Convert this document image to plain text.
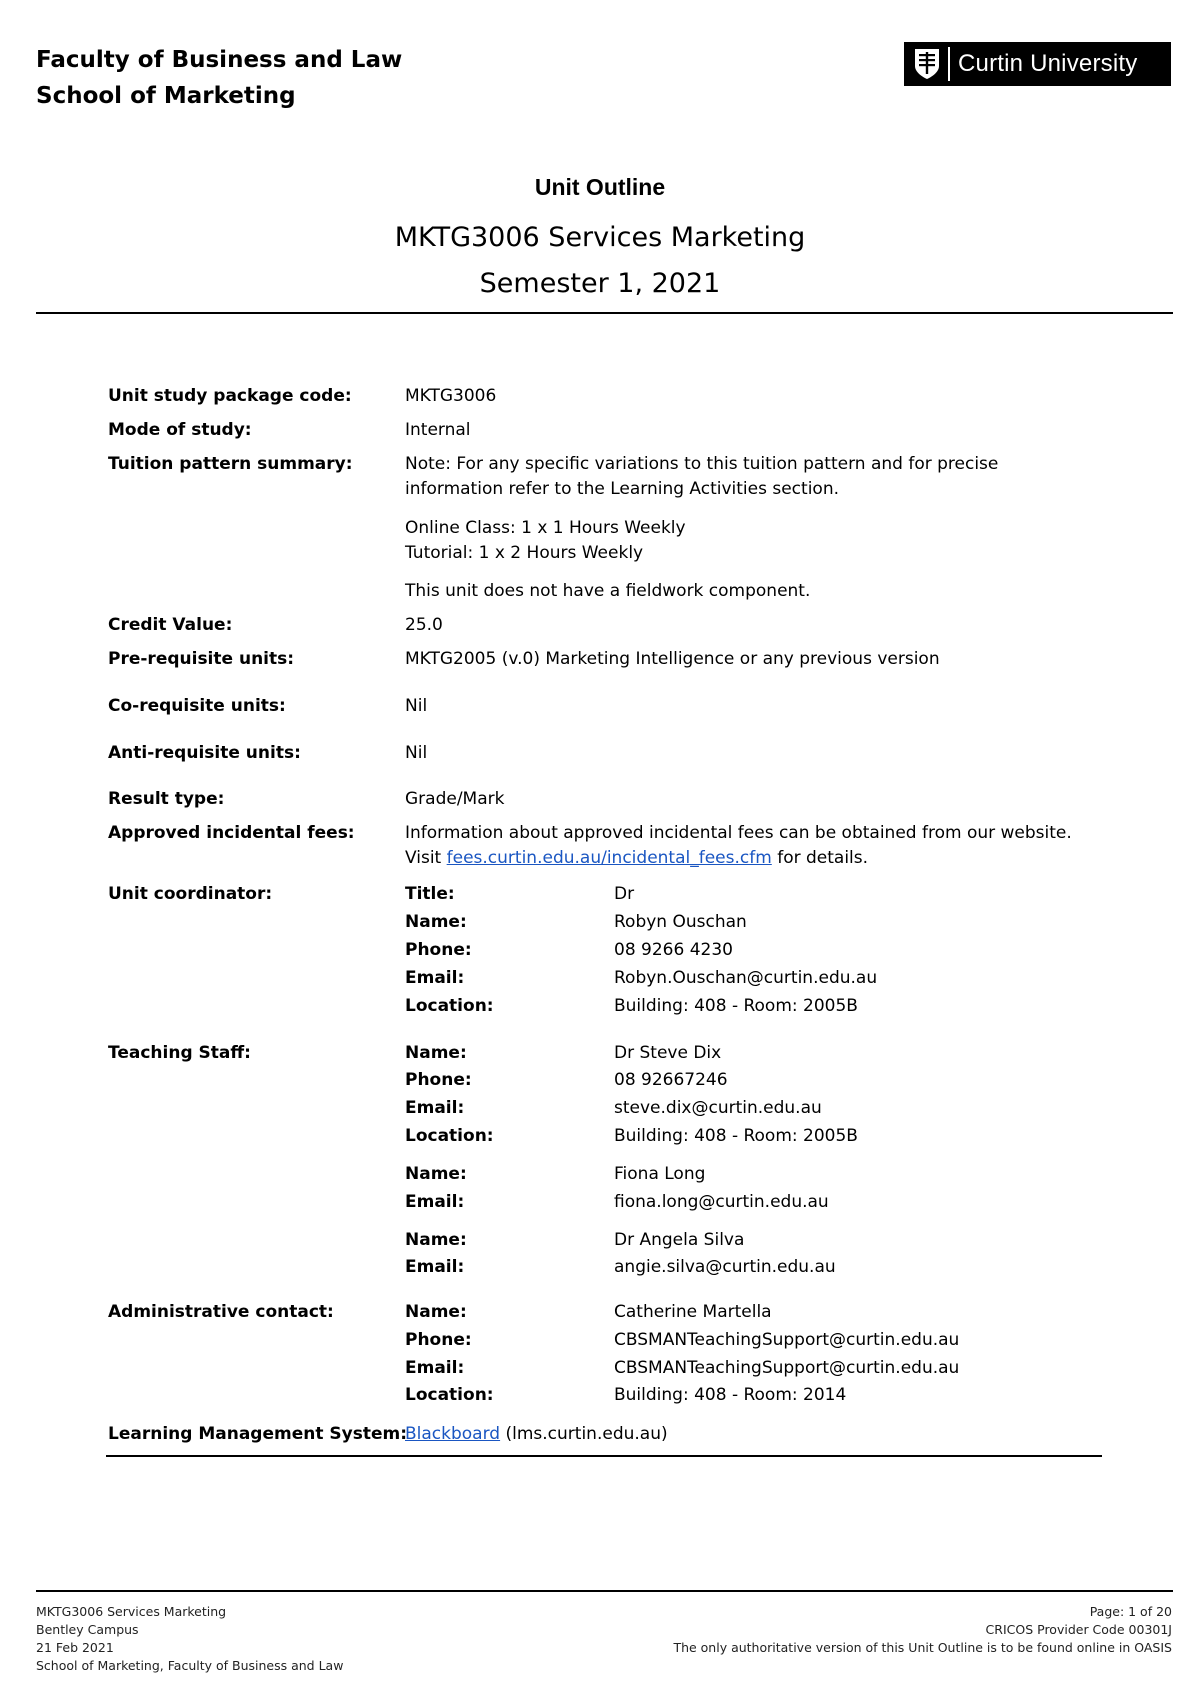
Faculty of Business and Law
School of Marketing
Curtin University
Unit Outline
MKTG3006 Services Marketing
Semester 1, 2021
Unit study package code:	MKTG3006
Mode of study:	Internal
Tuition pattern summary:	Note: For any specific variations to this tuition pattern and for precise information refer to the Learning Activities section.
Online Class: 1 x 1 Hours Weekly
Tutorial: 1 x 2 Hours Weekly
This unit does not have a fieldwork component.
Credit Value:	25.0
Pre-requisite units:	MKTG2005 (v.0) Marketing Intelligence or any previous version
Co-requisite units:	Nil
Anti-requisite units:	Nil
Result type:	Grade/Mark
Approved incidental fees:	Information about approved incidental fees can be obtained from our website.
Visit fees.curtin.edu.au/incidental_fees.cfm for details.
Unit coordinator:	Title:	Dr
Name:	Robyn Ouschan
Phone:	08 9266 4230
Email:	Robyn.Ouschan@curtin.edu.au
Location:	Building: 408 - Room: 2005B
Teaching Staff:	Name:	Dr Steve Dix
Phone:	08 92667246
Email:	steve.dix@curtin.edu.au
Location:	Building: 408 - Room: 2005B
Name:	Fiona Long
Email:	fiona.long@curtin.edu.au
Name:	Dr Angela Silva
Email:	angie.silva@curtin.edu.au
Administrative contact:	Name:	Catherine Martella
Phone:	CBSMANTeachingSupport@curtin.edu.au
Email:	CBSMANTeachingSupport@curtin.edu.au
Location:	Building: 408 - Room: 2014
Learning Management System:
Blackboard (lms.curtin.edu.au)
MKTG3006 Services Marketing
Bentley Campus
21 Feb 2021
School of Marketing, Faculty of Business and Law
Page: 1 of 20
CRICOS Provider Code 00301J
The only authoritative version of this Unit Outline is to be found online in OASIS
